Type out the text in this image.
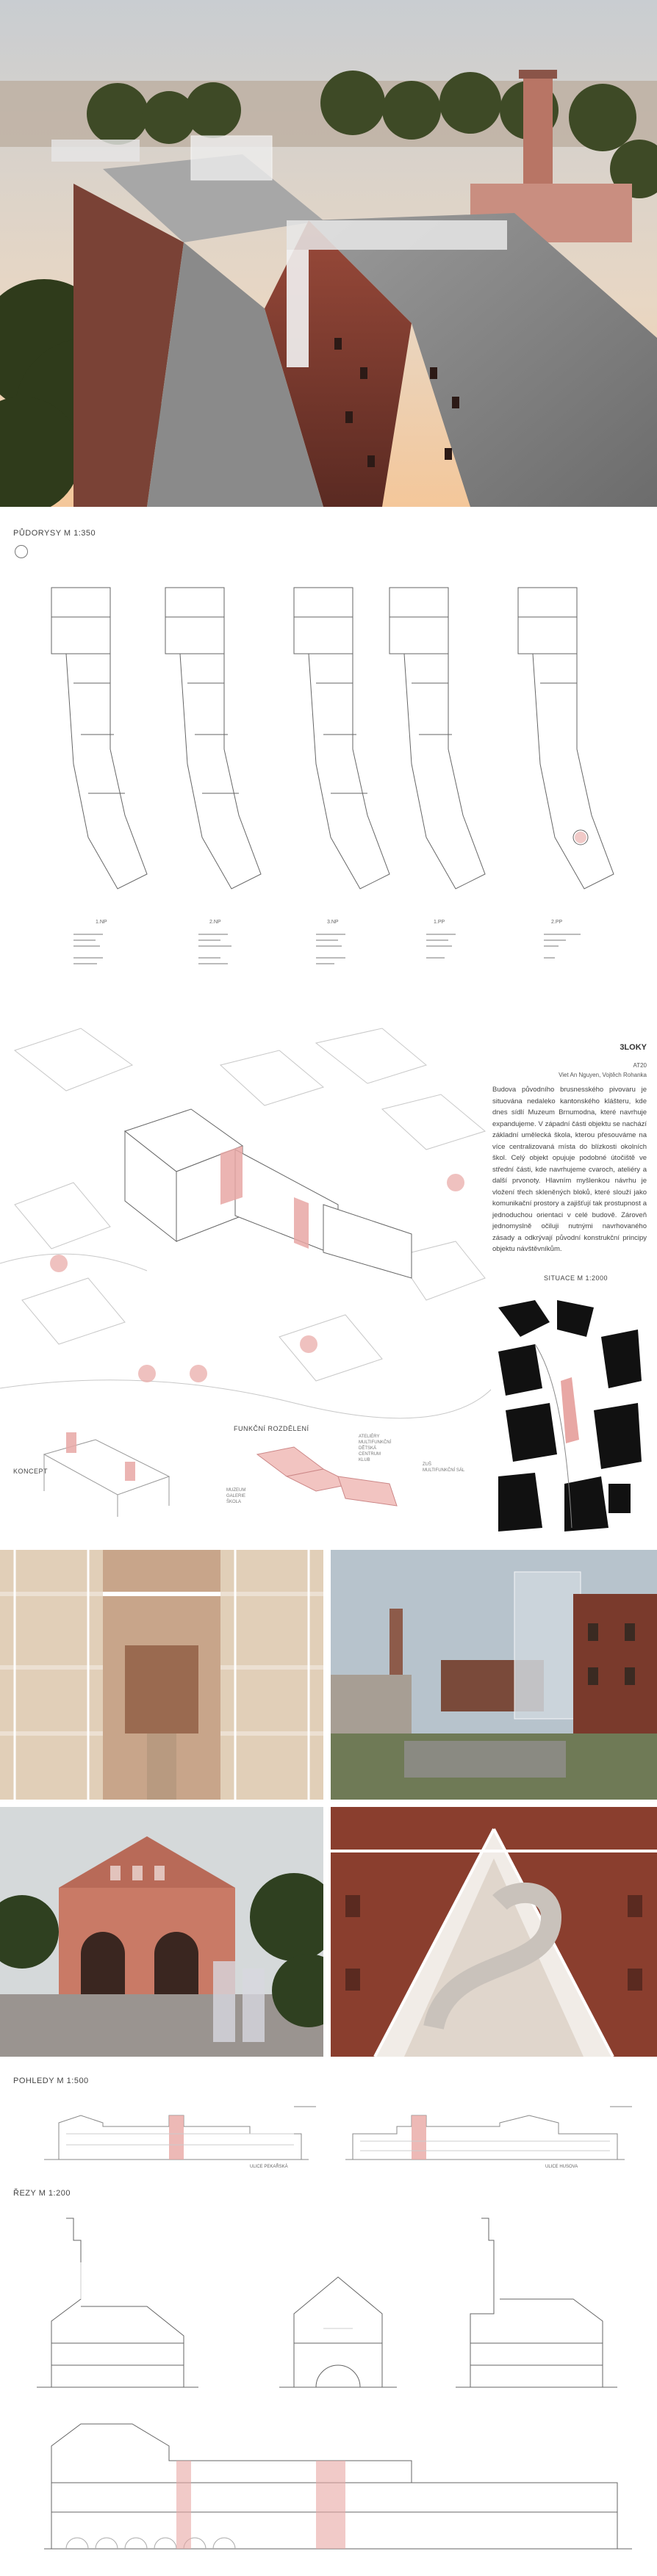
PŮDORYSY M 1:350
1.NP	2.NP	3.NP	1.PP	2.PP
3LOKY
AT20
Viet An Nguyen, Vojtěch Rohanka
Budova původního brusnesského pivovaru je situována nedaleko kantonského klášteru, kde dnes sídlí Muzeum Brnumodna, které navrhuje expandujeme. V západní části objektu se nachází základní umělecká škola, kterou přesouváme na více centralizovaná místa do blízkosti okolních škol. Celý objekt opujuje podobné útočiště ve střední části, kde navrhujeme cvaroch, ateliéry a další prvonoty. Hlavním myšlenkou návrhu je vložení třech skleněných bloků, které slouží jako komunikační prostory a zajišťují tak prostupnost a jednoduchou orientaci v celé budově. Zároveň jednomyslně očiluji nutnými navrhovaného zásady a odkrývají původní konstrukční principy objektu návštěvníkům.
SITUACE M 1:2000
KONCEPT
FUNKČNÍ ROZDĚLENÍ
MUZEUM
GALERIE
ŠKOLA
ATELIÉRY
MULTIFUNKČNÍ
DĚTSKÁ
CENTRUM
KLUB
ZUŠ
MULTIFUNKČNÍ SÁL
POHLEDY M 1:500
ULICE PEKAŘSKÁ	ULICE HUSOVA
ŘEZY M 1:200
